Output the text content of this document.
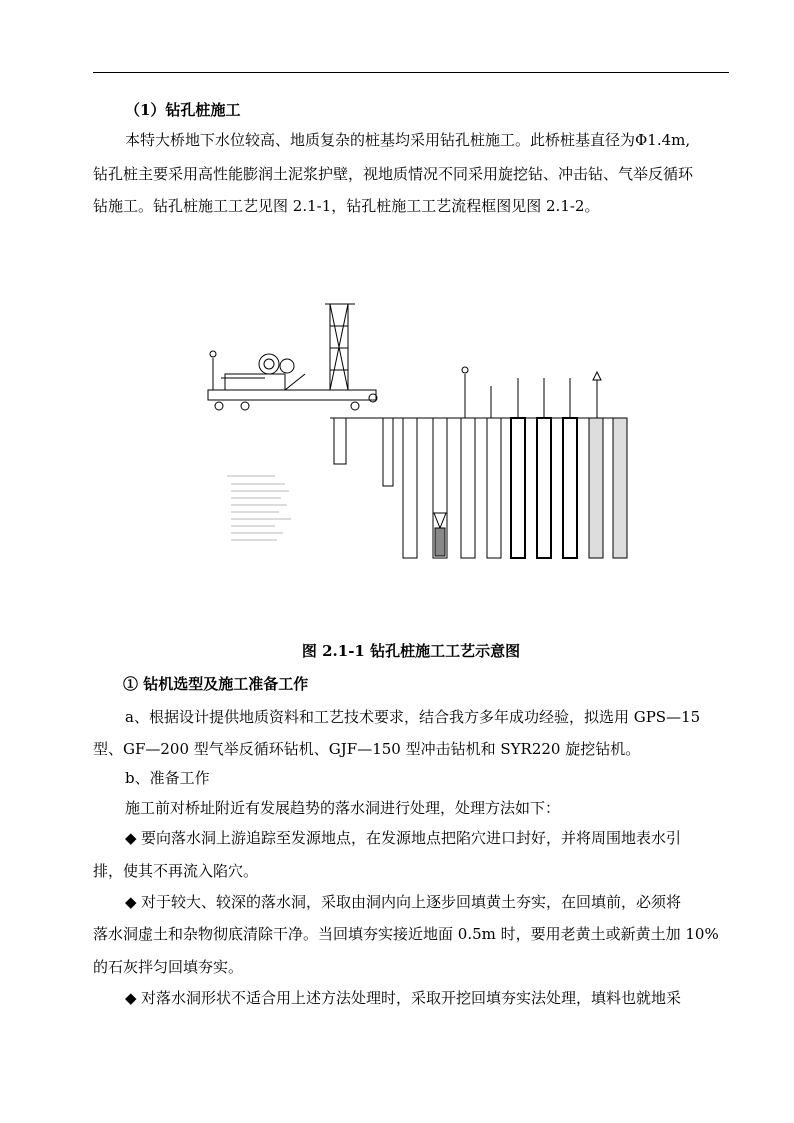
（1）钻孔桩施工
本特大桥地下水位较高、地质复杂的桩基均采用钻孔桩施工。此桥桩基直径为Φ1.4m,
钻孔桩主要采用高性能膨润土泥浆护壁，视地质情况不同采用旋挖钻、冲击钻、气举反循环
钻施工。钻孔桩施工工艺见图 2.1-1，钻孔桩施工工艺流程框图见图 2.1-2。
图 2.1-1 钻孔桩施工工艺示意图
① 钻机选型及施工准备工作
a、根据设计提供地质资料和工艺技术要求，结合我方多年成功经验，拟选用 GPS—15
型、GF—200 型气举反循环钻机、GJF—150 型冲击钻机和 SYR220 旋挖钻机。
b、准备工作
施工前对桥址附近有发展趋势的落水洞进行处理，处理方法如下：
◆ 要向落水洞上游追踪至发源地点，在发源地点把陷穴进口封好，并将周围地表水引
排，使其不再流入陷穴。
◆ 对于较大、较深的落水洞，采取由洞内向上逐步回填黄土夯实，在回填前，必须将
落水洞虚土和杂物彻底清除干净。当回填夯实接近地面 0.5m 时，要用老黄土或新黄土加 10%
的石灰拌匀回填夯实。
◆ 对落水洞形状不适合用上述方法处理时，采取开挖回填夯实法处理，填料也就地采
